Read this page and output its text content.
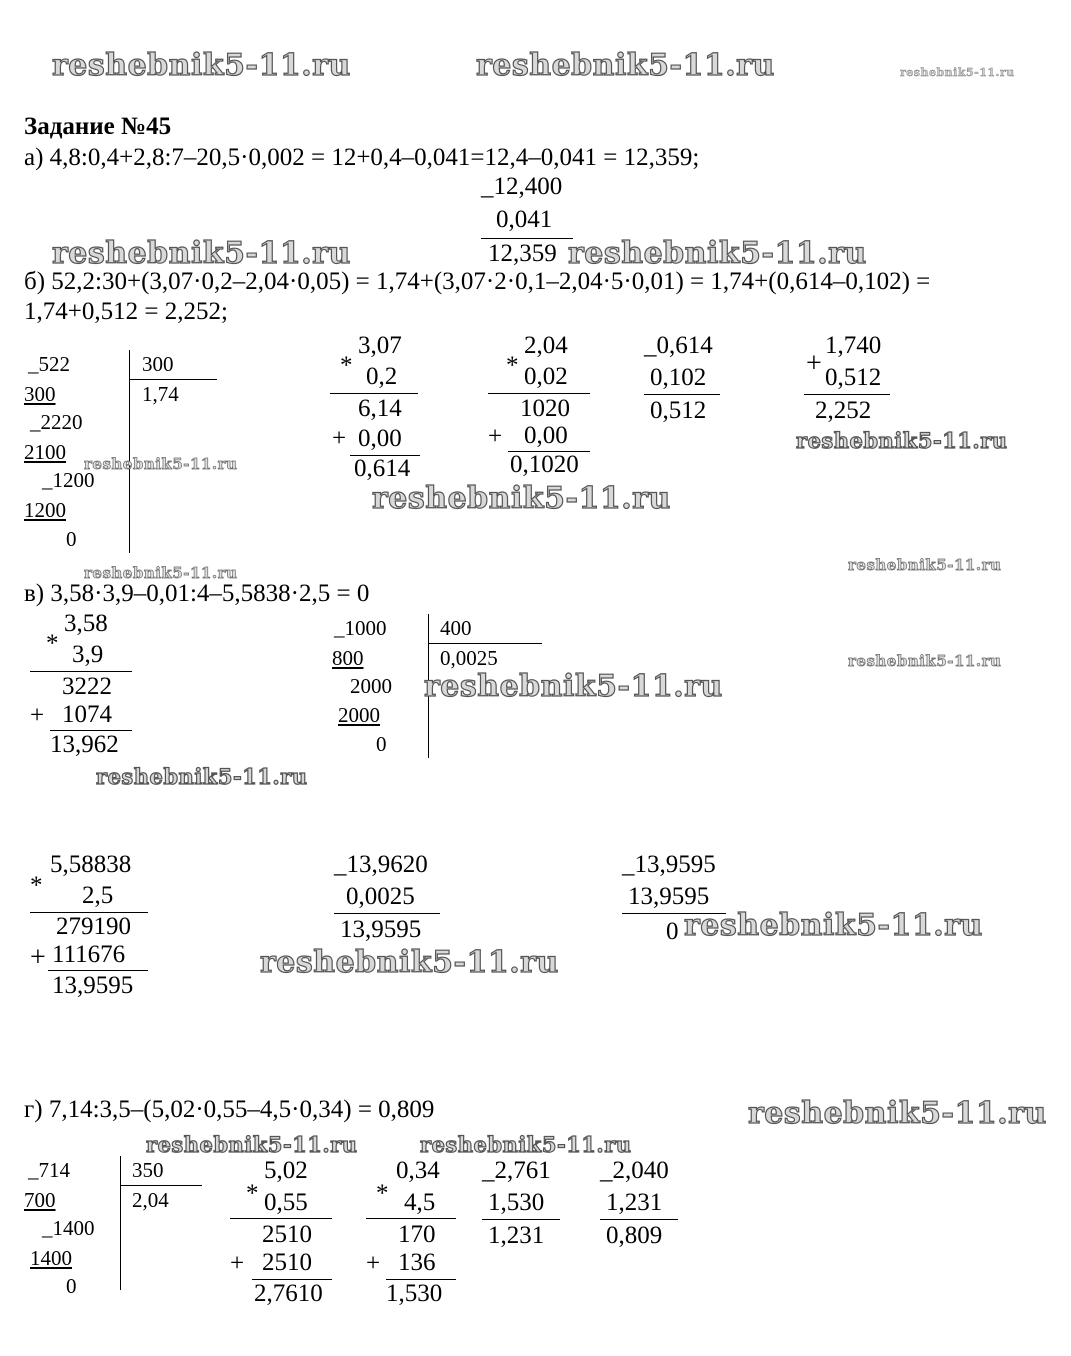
reshebnik5-11.ru	reshebnik5-11.ru	reshebnik5-11.ru
Задание №45
а) 4,8:0,4+2,8:7–20,5·0,002 = 12+0,4–0,041=12,4–0,041 = 12,359;
_12,400
0,041
12,359
reshebnik5-11.ru	reshebnik5-11.ru
б) 52,2:30+(3,07·0,2–2,04·0,05) = 1,74+(3,07·2·0,1–2,04·5·0,01) = 1,74+(0,614–0,102) =
1,74+0,512 = 2,252;
_522	300
1,74
300
_2220
2100
_1200
1200
0
reshebnik5-11.ru
*
3,07
0,2
6,14
+ 0,00
0,614
*
2,04
0,02
1020
+ 0,00
0,1020
_0,614
0,102
0,512
+
1,740
0,512
2,252
reshebnik5-11.ru
reshebnik5-11.ru
reshebnik5-11.ru	reshebnik5-11.ru
в) 3,58·3,9–0,01:4–5,5838·2,5 = 0
*
3,58
3,9
3222
+ 1074
13,962
reshebnik5-11.ru
_1000	400
0,0025
800
2000
2000
0
reshebnik5-11.ru
reshebnik5-11.ru
*
5,58838
2,5
279190
+ 111676
13,9595
_13,9620
0,0025
13,9595
reshebnik5-11.ru
_13,9595
13,9595
0 reshebnik5-11.ru
г) 7,14:3,5–(5,02·0,55–4,5·0,34) = 0,809	reshebnik5-11.ru
reshebnik5-11.ru	reshebnik5-11.ru
_714	350
2,04
700
_1400
1400
0
*
5,02
0,55
2510
+ 2510
2,7610
*
0,34
4,5
170
+ 136
1,530
_2,761
1,530
1,231
_2,040
1,231
0,809
